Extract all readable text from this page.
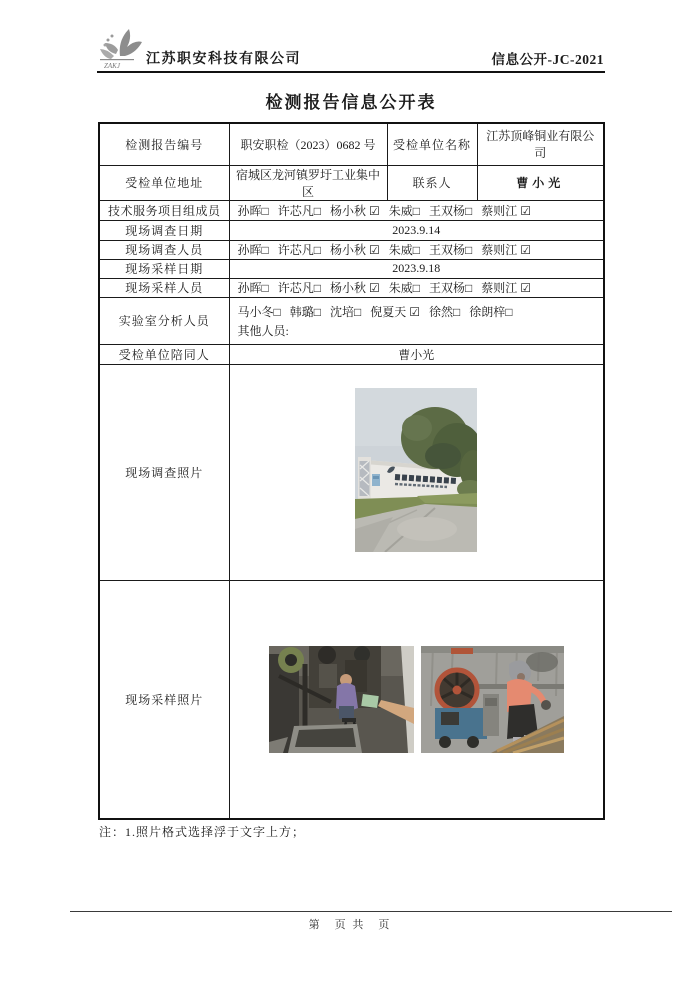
ZAKJ 江苏职安科技有限公司	信息公开-JC-2021
检测报告信息公开表
检测报告编号	职安职检（2023）0682 号	受检单位名称	江苏顶峰铜业有限公司
受检单位地址	宿城区龙河镇罗圩工业集中区	联系人	曹小光
技术服务项目组成员	孙晖□ 许芯凡□ 杨小秋 ☑ 朱威□ 王双杨□ 蔡则江 ☑		

现场调查日期	2023.9.14		
现场调查人员	孙晖□ 许芯凡□ 杨小秋 ☑ 朱威□ 王双杨□ 蔡则江 ☑		

现场采样日期	2023.9.18		
现场采样人员	孙晖□ 许芯凡□ 杨小秋 ☑ 朱威□ 王双杨□ 蔡则江 ☑		

实验室分析人员	马小冬□ 韩璐□ 沈培□ 倪夏天 ☑ 徐然□ 徐朗梓□
其他人员:		

受检单位陪同人	曹小光		
现场调查照片	
现场采样照片	
注：1.照片格式选择浮于文字上方；
第　页 共　页
